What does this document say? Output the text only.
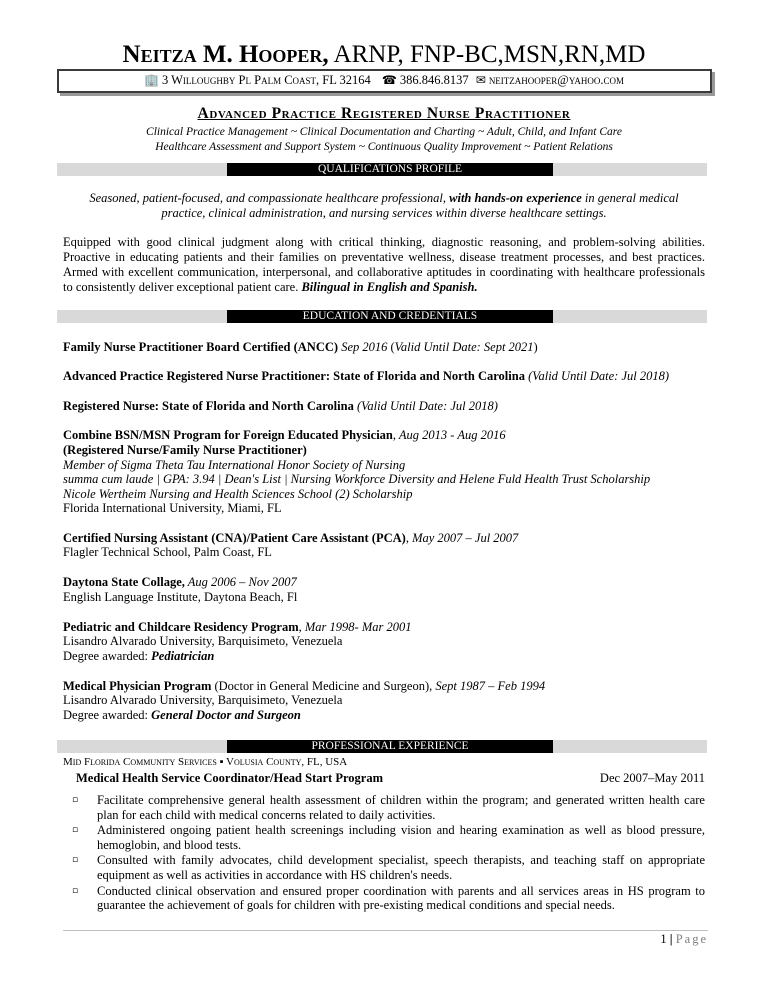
Neitza M. Hooper, ARNP, FNP-BC,MSN,RN,MD
🏢 3 Willoughby Pl Palm Coast, FL 32164 ☎ 386.846.8137 ✉ neitzahooper@yahoo.com
Advanced Practice Registered Nurse Practitioner
Clinical Practice Management ~ Clinical Documentation and Charting ~ Adult, Child, and Infant Care
Healthcare Assessment and Support System ~ Continuous Quality Improvement ~ Patient Relations
QUALIFICATIONS PROFILE
Seasoned, patient-focused, and compassionate healthcare professional, with hands-on experience in general medical practice, clinical administration, and nursing services within diverse healthcare settings.
Equipped with good clinical judgment along with critical thinking, diagnostic reasoning, and problem-solving abilities. Proactive in educating patients and their families on preventative wellness, disease treatment processes, and best practices. Armed with excellent communication, interpersonal, and collaborative aptitudes in coordinating with healthcare professionals to consistently deliver exceptional patient care. Bilingual in English and Spanish.
EDUCATION AND CREDENTIALS
Family Nurse Practitioner Board Certified (ANCC) Sep 2016 (Valid Until Date: Sept 2021)
Advanced Practice Registered Nurse Practitioner: State of Florida and North Carolina (Valid Until Date: Jul 2018)
Registered Nurse: State of Florida and North Carolina (Valid Until Date: Jul 2018)
Combine BSN/MSN Program for Foreign Educated Physician, Aug 2013 - Aug 2016
(Registered Nurse/Family Nurse Practitioner)
Member of Sigma Theta Tau International Honor Society of Nursing
summa cum laude | GPA: 3.94 | Dean's List | Nursing Workforce Diversity and Helene Fuld Health Trust Scholarship
Nicole Wertheim Nursing and Health Sciences School (2) Scholarship
Florida International University, Miami, FL
Certified Nursing Assistant (CNA)/Patient Care Assistant (PCA), May 2007 – Jul 2007
Flagler Technical School, Palm Coast, FL
Daytona State Collage, Aug 2006 – Nov 2007
English Language Institute, Daytona Beach, Fl
Pediatric and Childcare Residency Program, Mar 1998- Mar 2001
Lisandro Alvarado University, Barquisimeto, Venezuela
Degree awarded: Pediatrician
Medical Physician Program (Doctor in General Medicine and Surgeon), Sept 1987 – Feb 1994
Lisandro Alvarado University, Barquisimeto, Venezuela
Degree awarded: General Doctor and Surgeon
PROFESSIONAL EXPERIENCE
Mid Florida Community Services ▪ Volusia County, FL, USA
Medical Health Service Coordinator/Head Start Program	Dec 2007–May 2011
▫ Facilitate comprehensive general health assessment of children within the program; and generated written health care plan for each child with medical concerns related to daily activities.
▫ Administered ongoing patient health screenings including vision and hearing examination as well as blood pressure, hemoglobin, and blood tests.
▫ Consulted with family advocates, child development specialist, speech therapists, and teaching staff on appropriate equipment as well as activities in accordance with HS children's needs.
▫ Conducted clinical observation and ensured proper coordination with parents and all services areas in HS program to guarantee the achievement of goals for children with pre-existing medical conditions and special needs.
1 | Page
